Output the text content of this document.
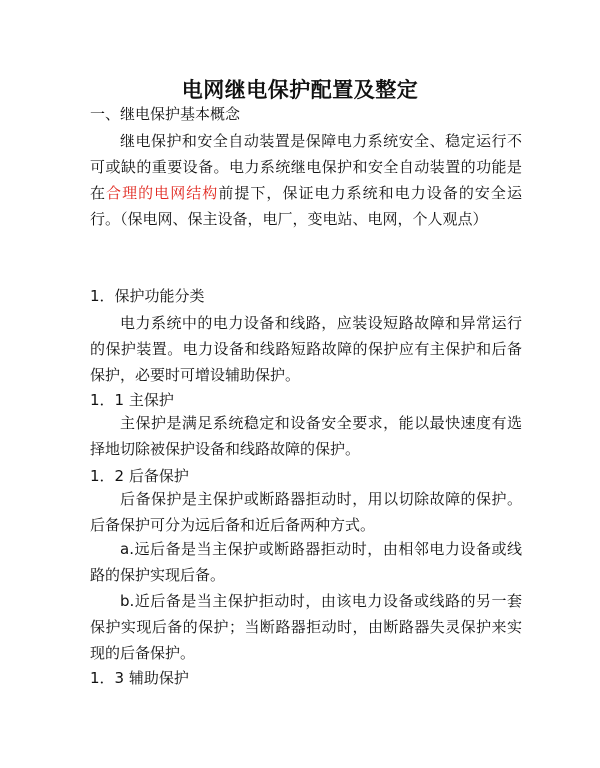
电网继电保护配置及整定

一、继电保护基本概念

继电保护和安全自动装置是保障电力系统安全、稳定运行不可或缺的重要设备。电力系统继电保护和安全自动装置的功能是在合理的电网结构前提下，保证电力系统和电力设备的安全运行。（保电网、保主设备，电厂，变电站、电网，个人观点）

1．保护功能分类

电力系统中的电力设备和线路，应装设短路故障和异常运行的保护装置。电力设备和线路短路故障的保护应有主保护和后备保护，必要时可增设辅助保护。

1．1 主保护

主保护是满足系统稳定和设备安全要求，能以最快速度有选择地切除被保护设备和线路故障的保护。

1．2 后备保护

后备保护是主保护或断路器拒动时，用以切除故障的保护。后备保护可分为远后备和近后备两种方式。

a.远后备是当主保护或断路器拒动时，由相邻电力设备或线路的保护实现后备。

b.近后备是当主保护拒动时，由该电力设备或线路的另一套保护实现后备的保护；当断路器拒动时，由断路器失灵保护来实现的后备保护。

1．3 辅助保护
